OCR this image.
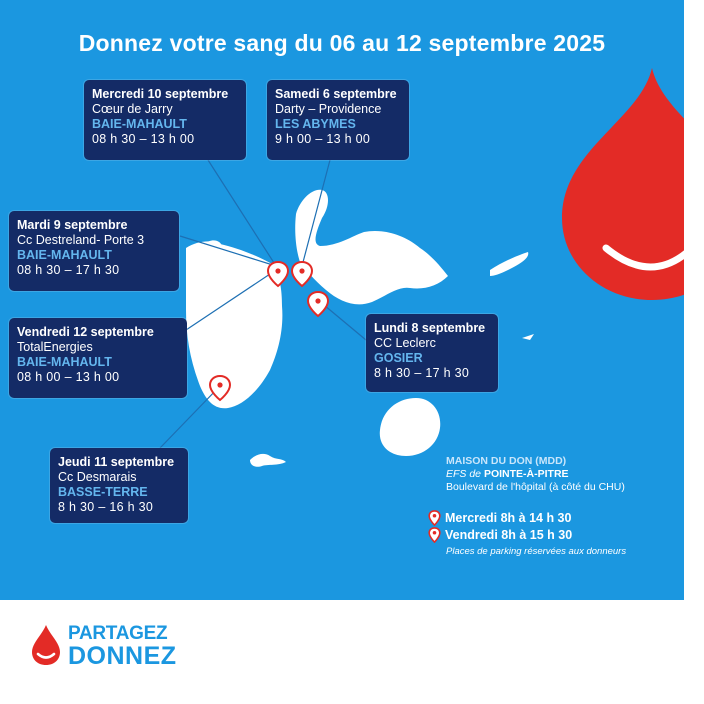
Donnez votre sang du 06 au 12 septembre 2025
Mercredi 10 septembre
Cœur de Jarry
BAIE-MAHAULT
08 h 30 – 13 h 00
Samedi 6 septembre
Darty – Providence
LES ABYMES
9 h 00 – 13 h 00
Mardi 9 septembre
Cc Destreland- Porte 3
BAIE-MAHAULT
08 h 30 – 17 h 30
Vendredi 12 septembre
TotalEnergies
BAIE-MAHAULT
08 h 00 – 13 h 00
Lundi 8 septembre
CC Leclerc
GOSIER
8 h 30 – 17 h 30
Jeudi 11 septembre
Cc Desmarais
BASSE-TERRE
8 h 30 – 16 h 30
MAISON DU DON (MDD)
EFS de POINTE-À-PITRE
Boulevard de l'hôpital (à côté du CHU)
Mercredi 8h à 14 h 30
Vendredi 8h à 15 h 30
Places de parking réservées aux donneurs
PARTAGEZ
DONNEZ
